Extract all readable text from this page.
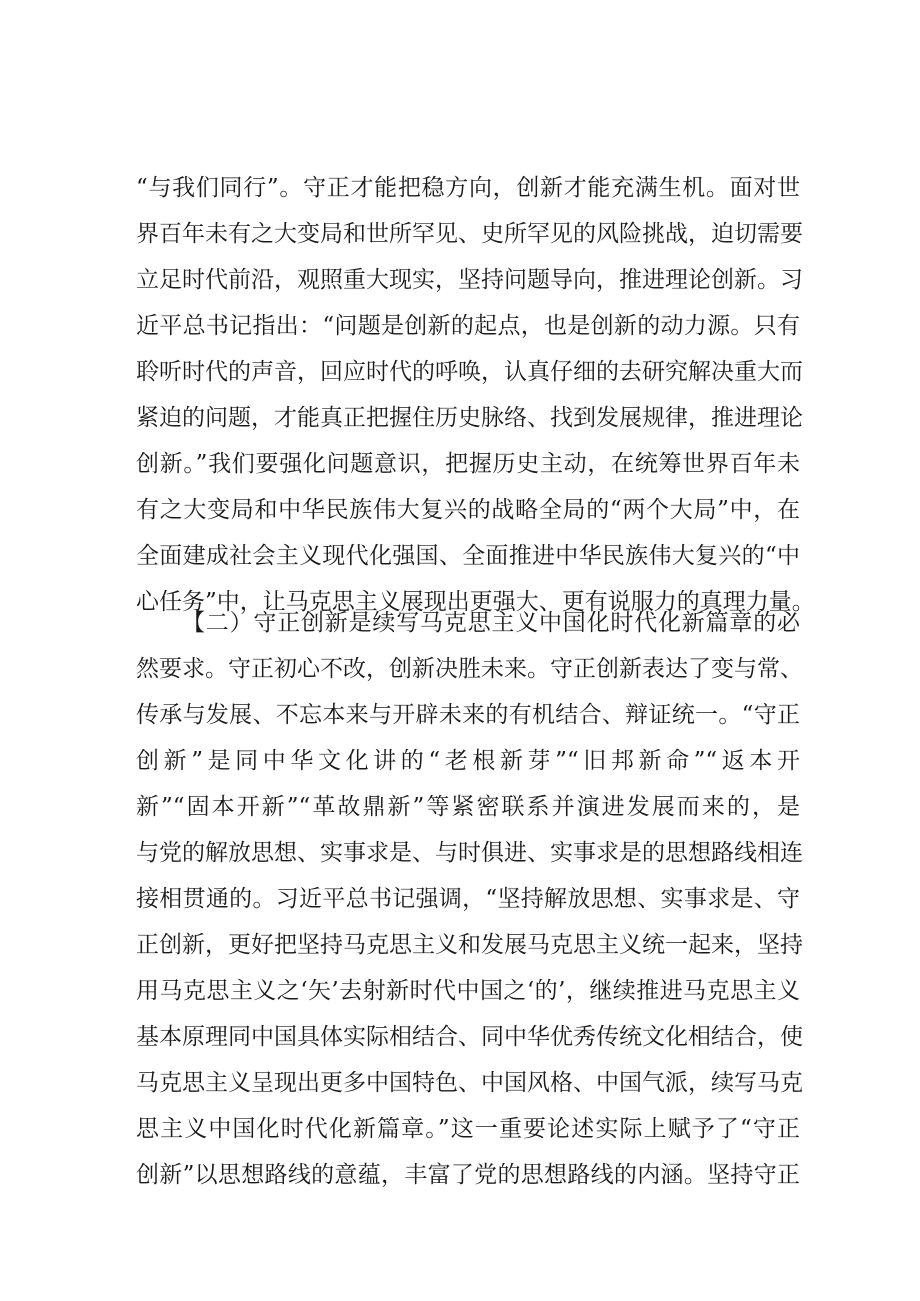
“与我们同行”。守正才能把稳方向，创新才能充满生机。面对世
界百年未有之大变局和世所罕见、史所罕见的风险挑战，迫切需要
立足时代前沿，观照重大现实，坚持问题导向，推进理论创新。习
近平总书记指出：“问题是创新的起点，也是创新的动力源。只有
聆听时代的声音，回应时代的呼唤，认真仔细的去研究解决重大而
紧迫的问题，才能真正把握住历史脉络、找到发展规律，推进理论
创新。”我们要强化问题意识，把握历史主动，在统筹世界百年未
有之大变局和中华民族伟大复兴的战略全局的“两个大局”中，在
全面建成社会主义现代化强国、全面推进中华民族伟大复兴的“中
心任务”中，让马克思主义展现出更强大、更有说服力的真理力量。
【二）守正创新是续写马克思主义中国化时代化新篇章的必
然要求。守正初心不改，创新决胜未来。守正创新表达了变与常、
传承与发展、不忘本来与开辟未来的有机结合、辩证统一。“守正
创新”是同中华文化讲的“老根新芽”“旧邦新命”“返本开
新”“固本开新”“革故鼎新”等紧密联系并演进发展而来的，是
与党的解放思想、实事求是、与时俱进、实事求是的思想路线相连
接相贯通的。习近平总书记强调，“坚持解放思想、实事求是、守
正创新，更好把坚持马克思主义和发展马克思主义统一起来，坚持
用马克思主义之‘矢’去射新时代中国之‘的’，继续推进马克思主义
基本原理同中国具体实际相结合、同中华优秀传统文化相结合，使
马克思主义呈现出更多中国特色、中国风格、中国气派，续写马克
思主义中国化时代化新篇章。”这一重要论述实际上赋予了“守正
创新”以思想路线的意蕴，丰富了党的思想路线的内涵。坚持守正
